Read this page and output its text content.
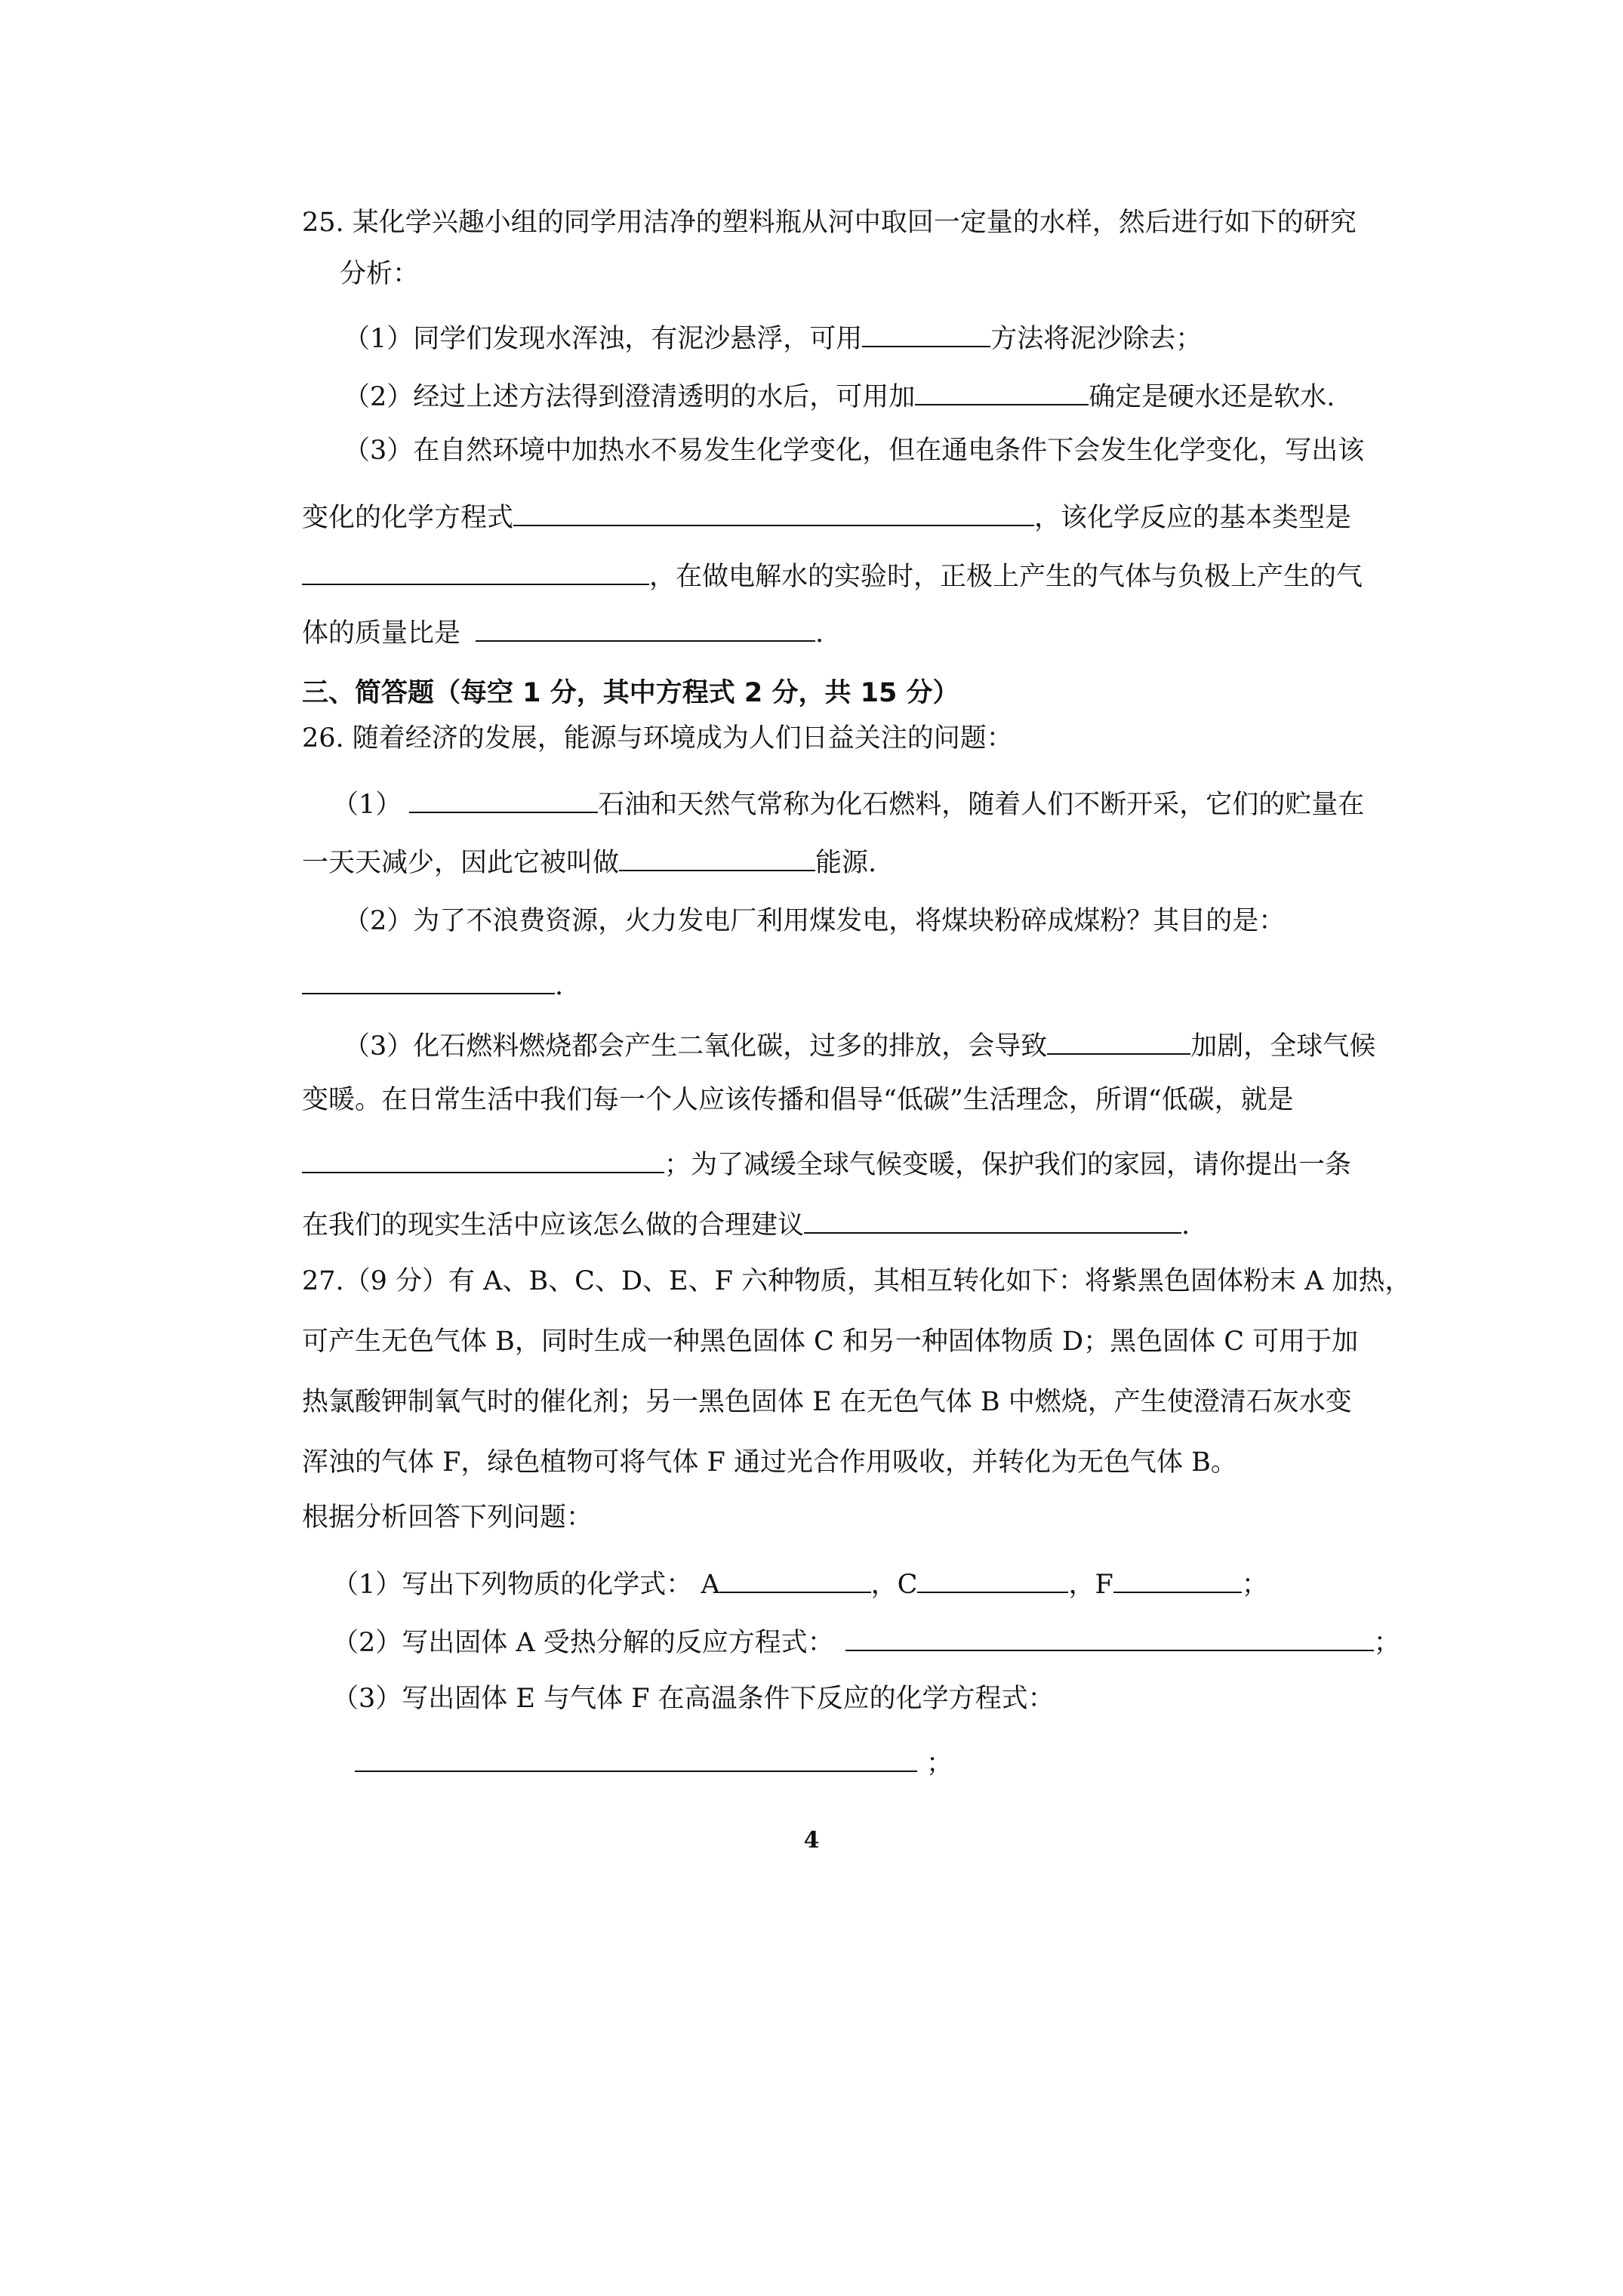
25. 某化学兴趣小组的同学用洁净的塑料瓶从河中取回一定量的水样，然后进行如下的研究
分析：
（1）同学们发现水浑浊，有泥沙悬浮，可用	方法将泥沙除去；
（2）经过上述方法得到澄清透明的水后，可用加	确定是硬水还是软水.
（3）在自然环境中加热水不易发生化学变化，但在通电条件下会发生化学变化，写出该
变化的化学方程式	，该化学反应的基本类型是
，在做电解水的实验时，正极上产生的气体与负极上产生的气
体的质量比是	.
三、简答题（每空 1 分，其中方程式 2 分，共 15 分）
26. 随着经济的发展，能源与环境成为人们日益关注的问题：
（1）	石油和天然气常称为化石燃料，随着人们不断开采，它们的贮量在
一天天减少，因此它被叫做	能源.
（2）为了不浪费资源，火力发电厂利用煤发电，将煤块粉碎成煤粉？其目的是：
.
（3）化石燃料燃烧都会产生二氧化碳，过多的排放，会导致	加剧，全球气候
变暖。在日常生活中我们每一个人应该传播和倡导“低碳”生活理念，所谓“低碳，就是
；为了减缓全球气候变暖，保护我们的家园，请你提出一条
在我们的现实生活中应该怎么做的合理建议	.
27.（9 分）有 A、B、C、D、E、F 六种物质，其相互转化如下：将紫黑色固体粉末 A 加热，
可产生无色气体 B，同时生成一种黑色固体 C 和另一种固体物质 D；黑色固体 C 可用于加
热氯酸钾制氧气时的催化剂；另一黑色固体 E 在无色气体 B 中燃烧，产生使澄清石灰水变
浑浊的气体 F，绿色植物可将气体 F 通过光合作用吸收，并转化为无色气体 B。
根据分析回答下列问题：
（1）写出下列物质的化学式： A	，C	，F	；
（2）写出固体 A 受热分解的反应方程式：	；
（3）写出固体 E 与气体 F 在高温条件下反应的化学方程式：
；
4
